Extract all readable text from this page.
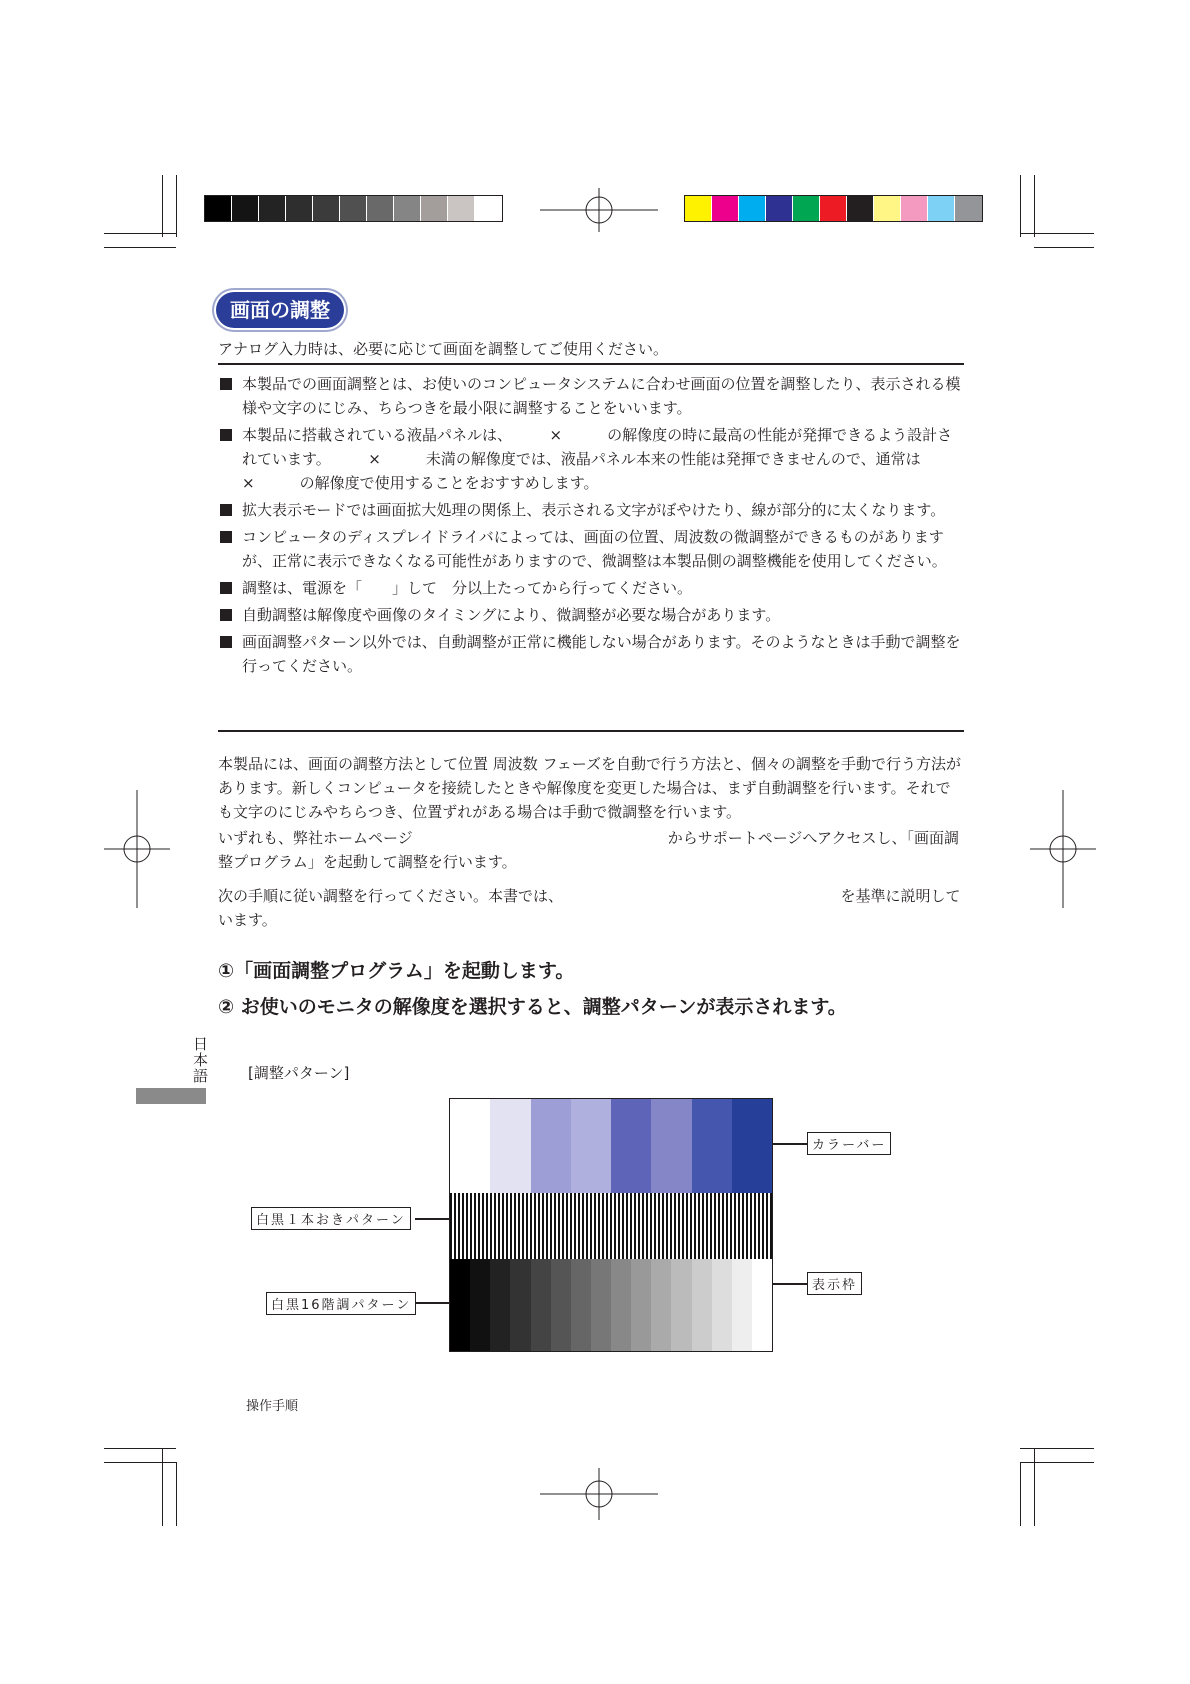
画面の調整
アナログ入力時は、必要に応じて画面を調整してご使用ください。
本製品での画面調整とは、お使いのコンピュータシステムに合わせ画面の位置を調整したり、表示される模様や文字のにじみ、ちらつきを最小限に調整することをいいます。
本製品に搭載されている液晶パネルは、　　　×　　　の解像度の時に最高の性能が発揮できるよう設計されています。　　　×　　　未満の解像度では、液晶パネル本来の性能は発揮できませんので、通常は　　　×　　　の解像度で使用することをおすすめします。
拡大表示モードでは画面拡大処理の関係上、表示される文字がぼやけたり、線が部分的に太くなります。
コンピュータのディスプレイドライバによっては、画面の位置、周波数の微調整ができるものがありますが、正常に表示できなくなる可能性がありますので、微調整は本製品側の調整機能を使用してください。
調整は、電源を「　　」して　分以上たってから行ってください。
自動調整は解像度や画像のタイミングにより、微調整が必要な場合があります。
画面調整パターン以外では、自動調整が正常に機能しない場合があります。そのようなときは手動で調整を行ってください。

本製品には、画面の調整方法として位置 周波数 フェーズを自動で行う方法と、個々の調整を手動で行う方法があります。新しくコンピュータを接続したときや解像度を変更した場合は、まず自動調整を行います。それでも文字のにじみやちらつき、位置ずれがある場合は手動で微調整を行います。

いずれも、弊社ホームページ　　　　　　　　　　　　　　　　　からサポートページへアクセスし、「画面調整プログラム」を起動して調整を行います。

次の手順に従い調整を行ってください。本書では、　　　　　　　　　　　　　　　　　　　を基準に説明しています。

①「画面調整プログラム」を起動します。
② お使いのモニタの解像度を選択すると、調整パターンが表示されます。
日本語	[調整パターン]
カラーバー
白黒１本おきパターン
表示枠
白黒16階調パターン
操作手順
